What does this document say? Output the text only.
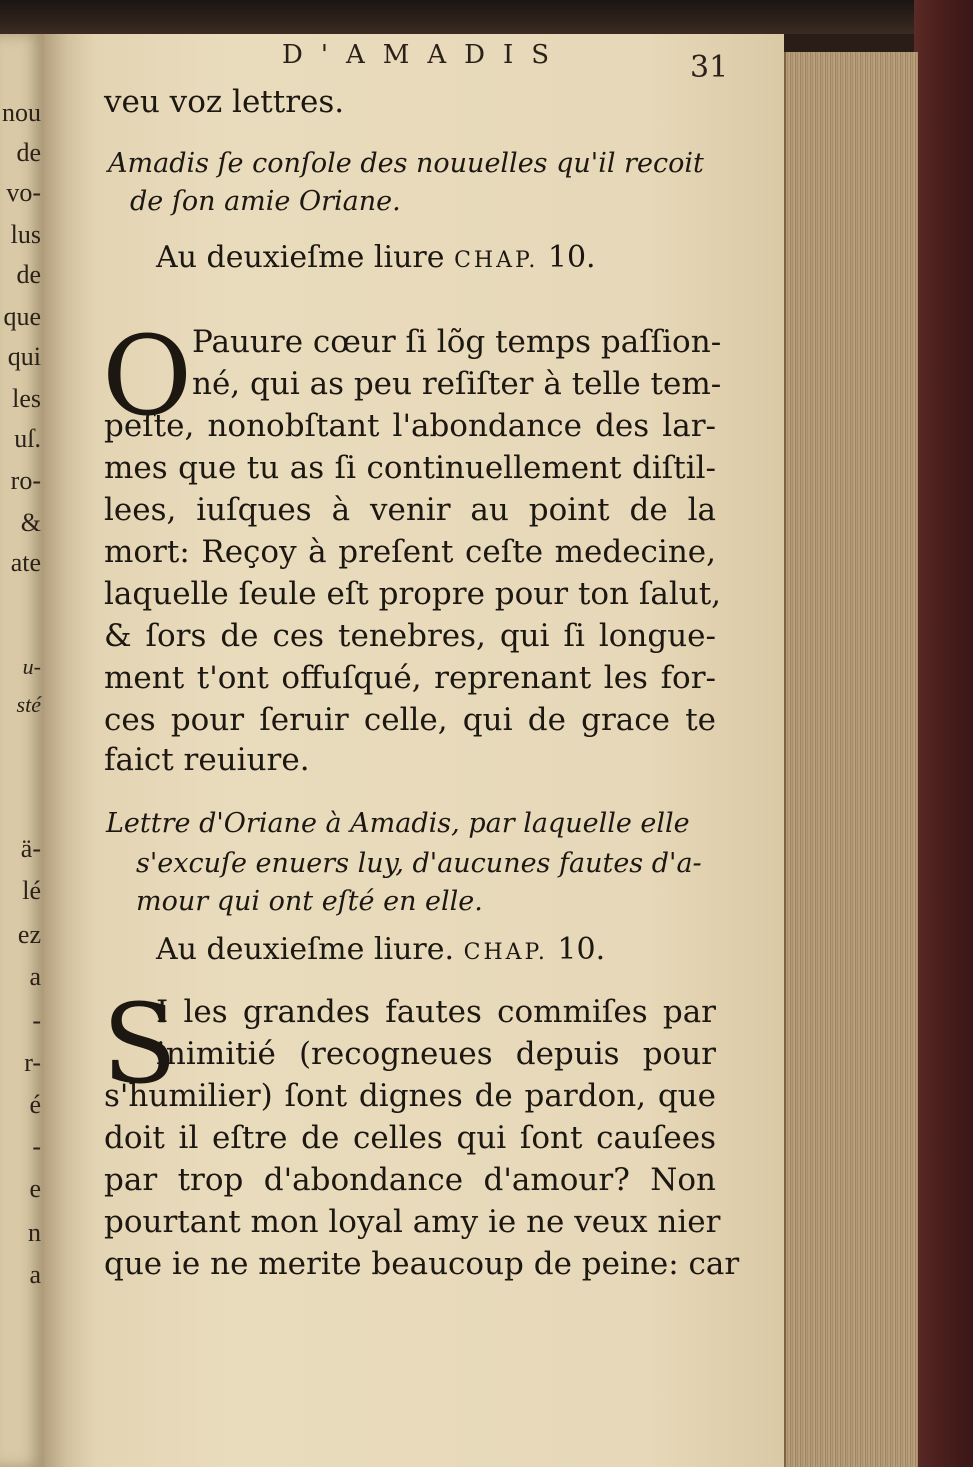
nou
de
vo-
lus
de
que
qui
les
uſ.
ro-
&
ate
u-
sté
ä-
lé
ez
a
-
r-
é
-
e
n
a
D'AMADIS	31
veu voz lettres.
Amadis ſe conſole des nouuelles qu'il recoit
de ſon amie Oriane.
Au deuxieſme liure CHAP. 10.
O Pauure cœur ſi lõg temps paſſion-
né, qui as peu reſiſter à telle tem-
peſte, nonobſtant l'abondance des lar-
mes que tu as ſi continuellement diſtil-
lees, iuſques à venir au point de la
mort: Reçoy à preſent ceſte medecine,
laquelle ſeule eſt propre pour ton ſalut,
& ſors de ces tenebres, qui ſi longue-
ment t'ont offuſqué, reprenant les for-
ces pour ſeruir celle, qui de grace te
faict reuiure.
Lettre d'Oriane à Amadis, par laquelle elle
s'excuſe enuers luy, d'aucunes fautes d'a-
mour qui ont eſté en elle.
Au deuxieſme liure. CHAP. 10.
S
I les grandes fautes commiſes par
inimitié (recogneues depuis pour
s'humilier) ſont dignes de pardon, que
doit il eſtre de celles qui ſont cauſees
par trop d'abondance d'amour? Non
pourtant mon loyal amy ie ne veux nier
que ie ne merite beaucoup de peine: car
